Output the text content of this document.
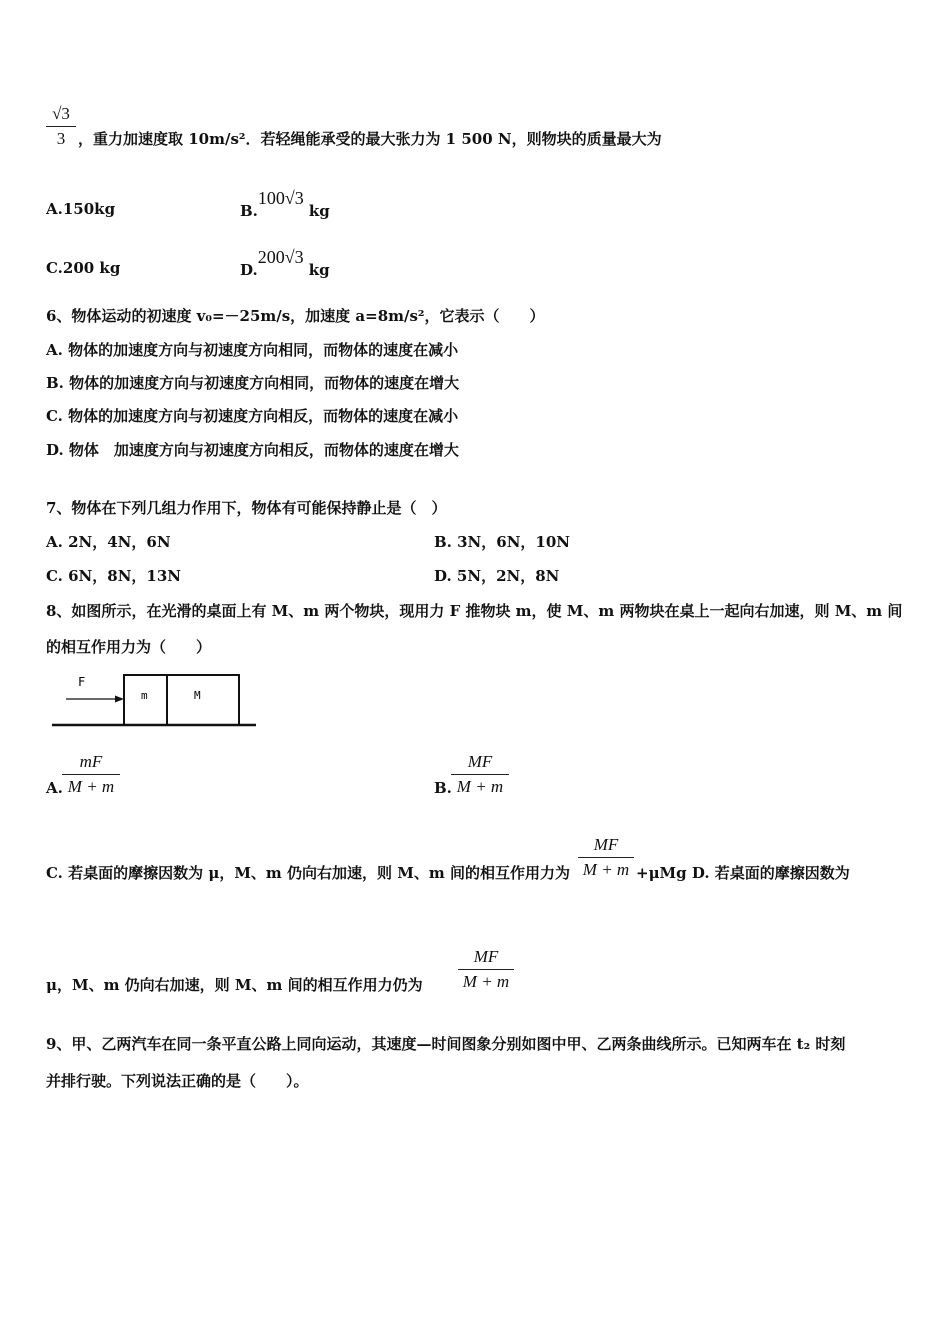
√3
3 ，重力加速度取 10m/s²．若轻绳能承受的最大张力为 1 500 N，则物块的质量最大为
A.150kg	B.100√3 kg
C.200 kg	D.200√3 kg
6、物体运动的初速度 v₀=－25m/s，加速度 a=8m/s²，它表示（　　）
A. 物体的加速度方向与初速度方向相同，而物体的速度在减小
B. 物体的加速度方向与初速度方向相同，而物体的速度在增大
C. 物体的加速度方向与初速度方向相反，而物体的速度在减小
D. 物体　加速度方向与初速度方向相反，而物体的速度在增大
7、物体在下列几组力作用下，物体有可能保持静止是（　）
A. 2N，4N，6N	B. 3N，6N，10N
C. 6N，8N，13N	D. 5N，2N，8N
8、如图所示，在光滑的桌面上有 M、m 两个物块，现用力 F 推物块 m，使 M、m 两物块在桌上一起向右加速，则 M、m 间
的相互作用力为（　　）
F
m	M
A.
mF
M + m	B.
MF
M + m
C. 若桌面的摩擦因数为 μ，M、m 仍向右加速，则 M、m 间的相互作用力为
MF
M + m +μMg D. 若桌面的摩擦因数为
μ，M、m 仍向右加速，则 M、m 间的相互作用力仍为
MF
M + m
9、甲、乙两汽车在同一条平直公路上同向运动，其速度—时间图象分别如图中甲、乙两条曲线所示。已知两车在 t₂ 时刻
并排行驶。下列说法正确的是（　　）。
